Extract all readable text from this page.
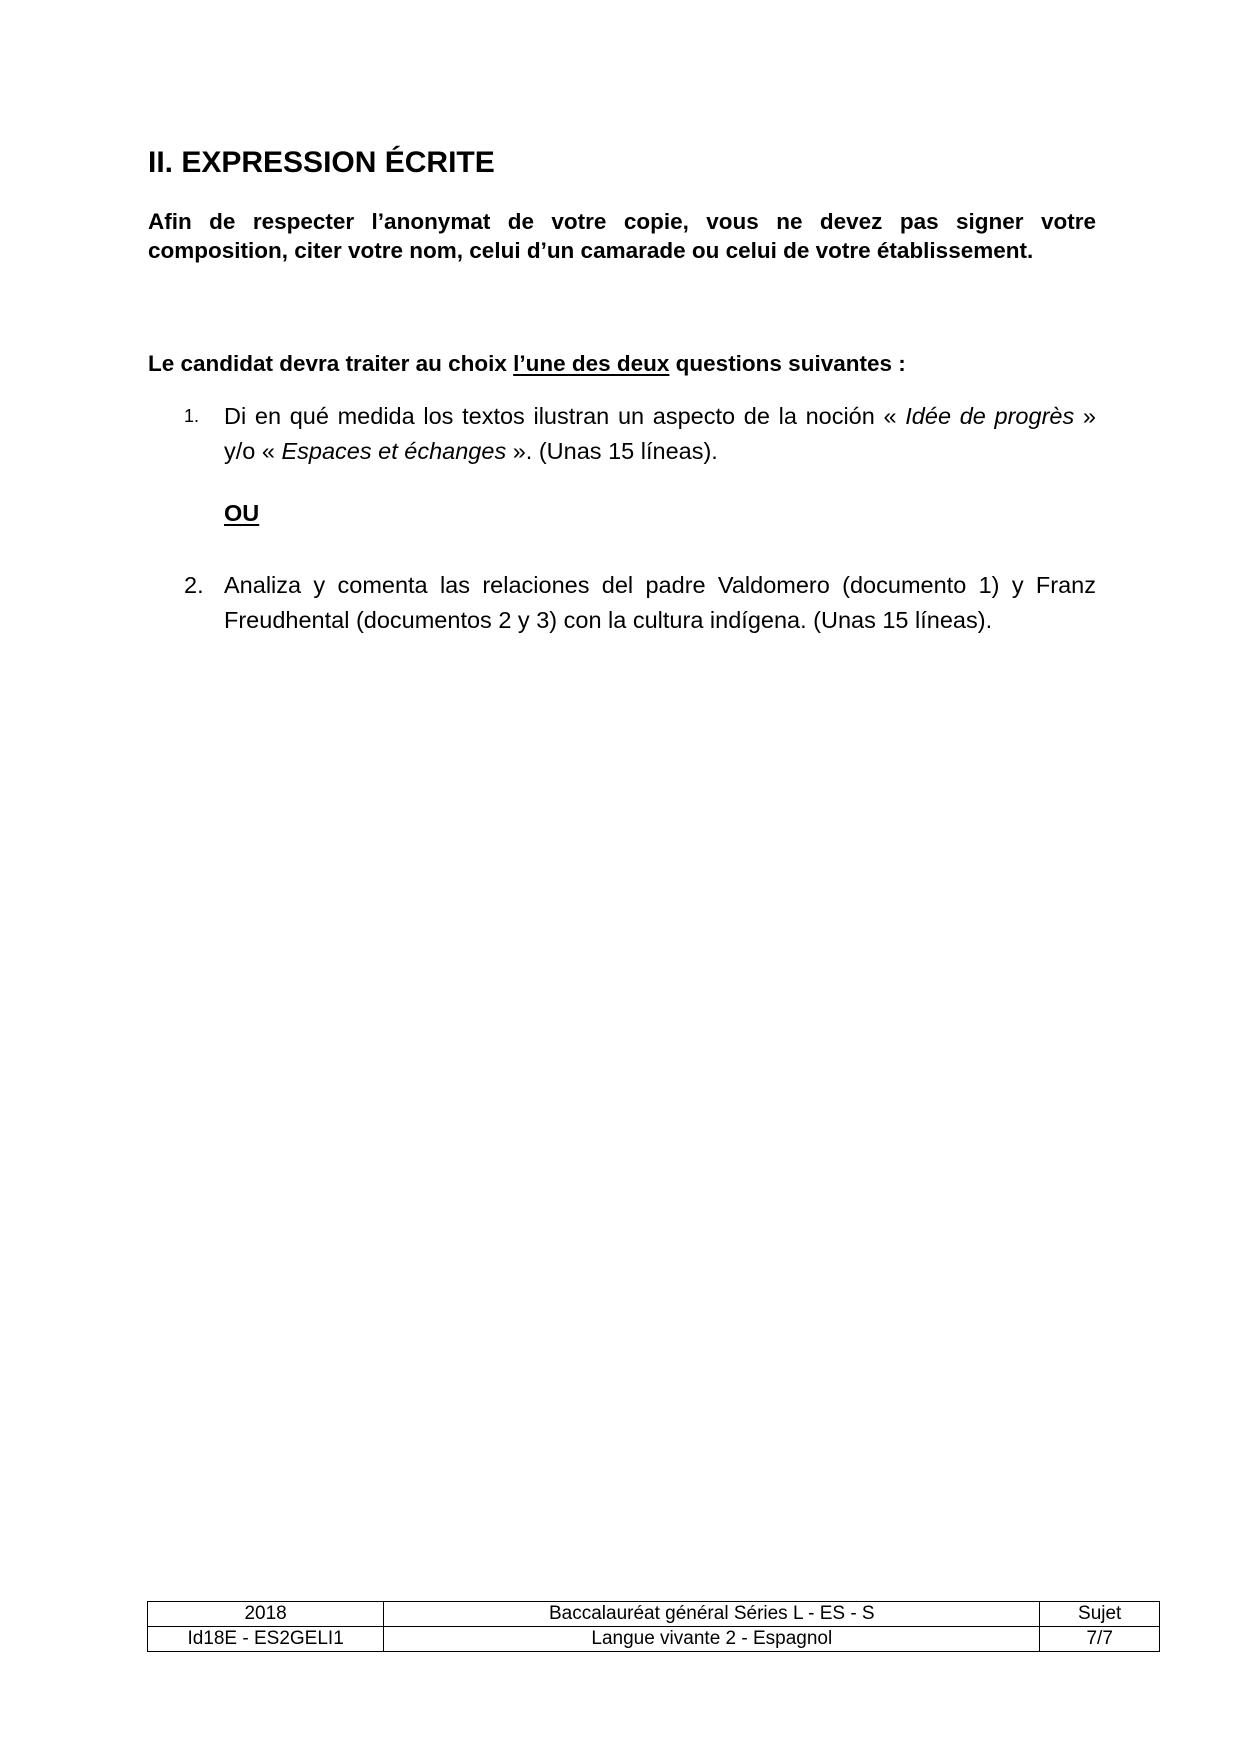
II. EXPRESSION ÉCRITE

Afin de respecter l’anonymat de votre copie, vous ne devez pas signer votre composition, citer votre nom, celui d’un camarade ou celui de votre établissement.

Le candidat devra traiter au choix l’une des deux questions suivantes :

1. Di en qué medida los textos ilustran un aspecto de la noción « Idée de progrès » y/o « Espaces et échanges ». (Unas 15 líneas).
OU
2. Analiza y comenta las relaciones del padre Valdomero (documento 1) y Franz Freudhental (documentos 2 y 3) con la cultura indígena. (Unas 15 líneas).
2018	Baccalauréat général Séries L - ES - S	Sujet
Id18E - ES2GELI1	Langue vivante 2 - Espagnol	7/7
